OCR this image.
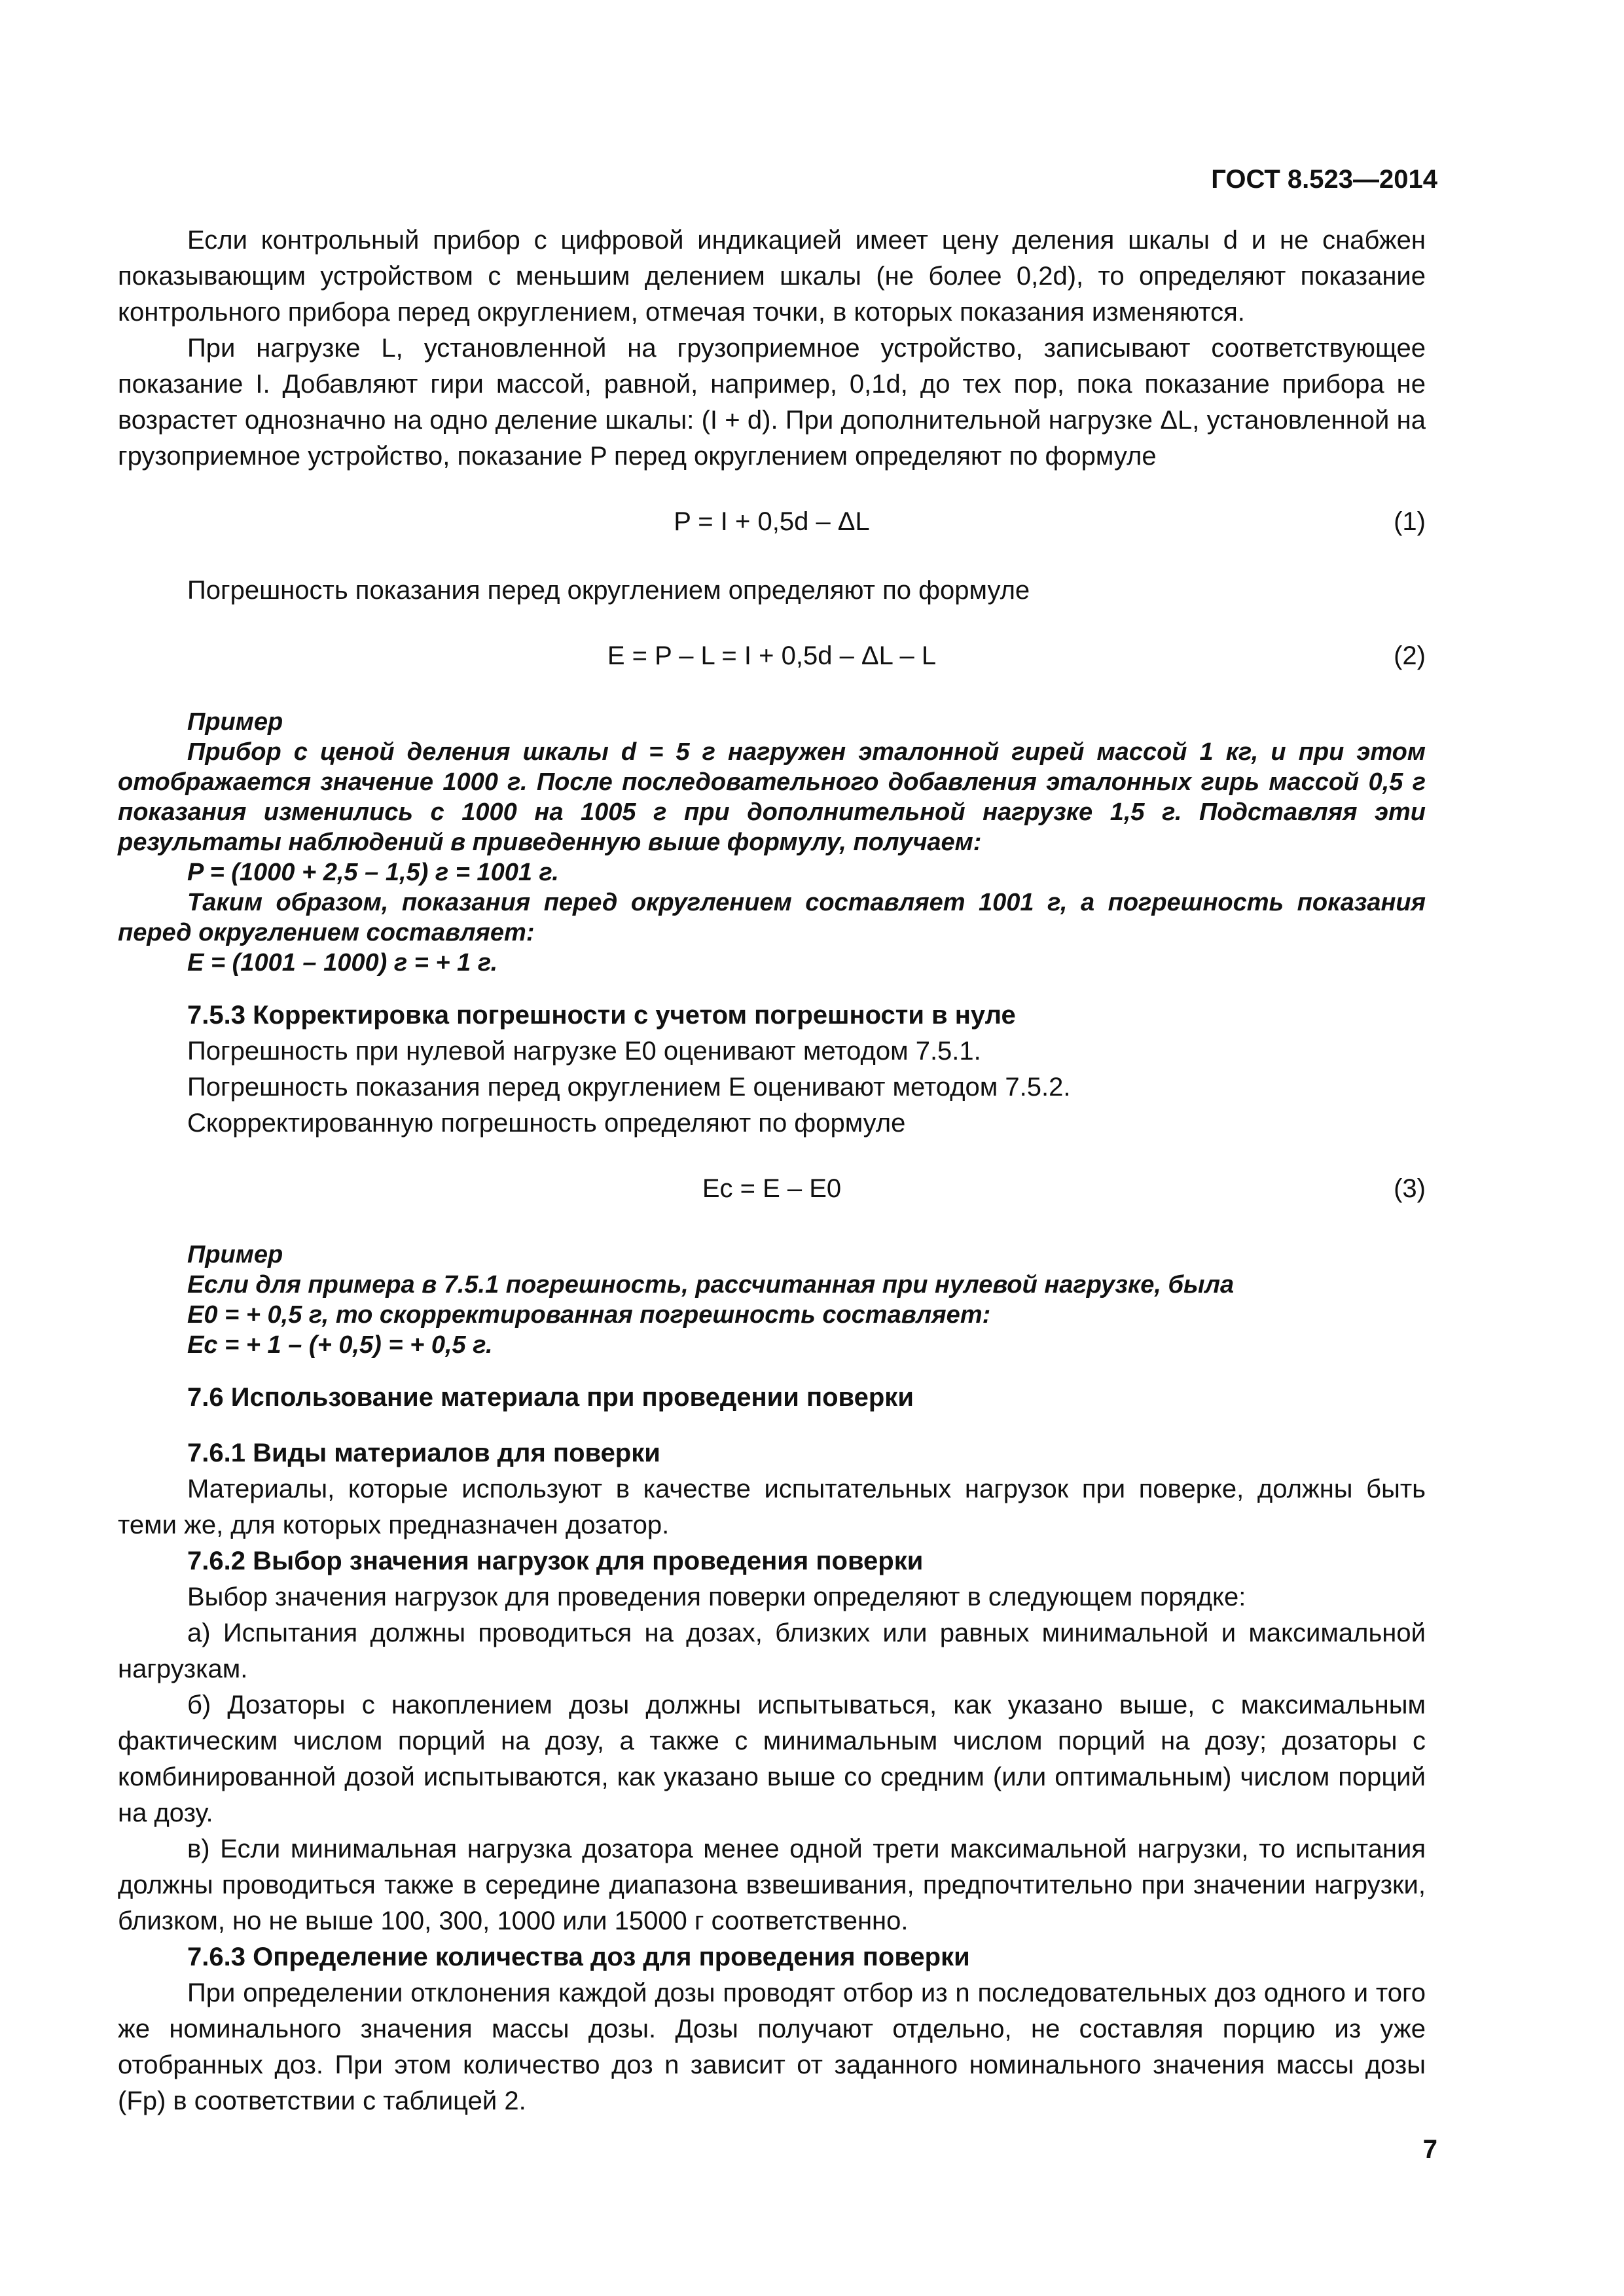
ГОСТ 8.523—2014

Если контрольный прибор с цифровой индикацией имеет цену деления шкалы d и не снабжен показывающим устройством с меньшим делением шкалы (не более 0,2d), то определяют показание контрольного прибора перед округлением, отмечая точки, в которых показания изменяются.

При нагрузке L, установленной на грузоприемное устройство, записывают соответствующее показание I. Добавляют гири массой, равной, например, 0,1d, до тех пор, пока показание прибора не возрастет однозначно на одно деление шкалы: (I + d). При дополнительной нагрузке ΔL, установленной на грузоприемное устройство, показание P перед округлением определяют по формуле

P = I + 0,5d – ΔL	(1)

Погрешность показания перед округлением определяют по формуле

E = P – L = I + 0,5d – ΔL – L	(2)

Пример

Прибор с ценой деления шкалы d = 5 г нагружен эталонной гирей массой 1 кг, и при этом отображается значение 1000 г. После последовательного добавления эталонных гирь массой 0,5 г показания изменились с 1000 на 1005 г при дополнительной нагрузке 1,5 г. Подставляя эти результаты наблюдений в приведенную выше формулу, получаем:

P = (1000 + 2,5 – 1,5) г = 1001 г.

Таким образом, показания перед округлением составляет 1001 г, а погрешность показания перед округлением составляет:

E = (1001 – 1000) г = + 1 г.

7.5.3 Корректировка погрешности с учетом погрешности в нуле

Погрешность при нулевой нагрузке E0 оценивают методом 7.5.1.

Погрешность показания перед округлением E оценивают методом 7.5.2.

Скорректированную погрешность определяют по формуле

Ec = E – E0	(3)

Пример

Если для примера в 7.5.1 погрешность, рассчитанная при нулевой нагрузке, была

E0 = + 0,5 г, то скорректированная погрешность составляет:

Ec = + 1 – (+ 0,5) = + 0,5 г.

7.6 Использование материала при проведении поверки

7.6.1 Виды материалов для поверки

Материалы, которые используют в качестве испытательных нагрузок при поверке, должны быть теми же, для которых предназначен дозатор.

7.6.2 Выбор значения нагрузок для проведения поверки

Выбор значения нагрузок для проведения поверки определяют в следующем порядке:

а) Испытания должны проводиться на дозах, близких или равных минимальной и максимальной нагрузкам.

б) Дозаторы с накоплением дозы должны испытываться, как указано выше, с максимальным фактическим числом порций на дозу, а также с минимальным числом порций на дозу; дозаторы с комбинированной дозой испытываются, как указано выше со средним (или оптимальным) числом порций на дозу.

в) Если минимальная нагрузка дозатора менее одной трети максимальной нагрузки, то испытания должны проводиться также в середине диапазона взвешивания, предпочтительно при значении нагрузки, близком, но не выше 100, 300, 1000 или 15000 г соответственно.

7.6.3 Определение количества доз для проведения поверки

При определении отклонения каждой дозы проводят отбор из n последовательных доз одного и того же номинального значения массы дозы. Дозы получают отдельно, не составляя порцию из уже отобранных доз. При этом количество доз n зависит от заданного номинального значения массы дозы (Fp) в соответствии с таблицей 2.

7
